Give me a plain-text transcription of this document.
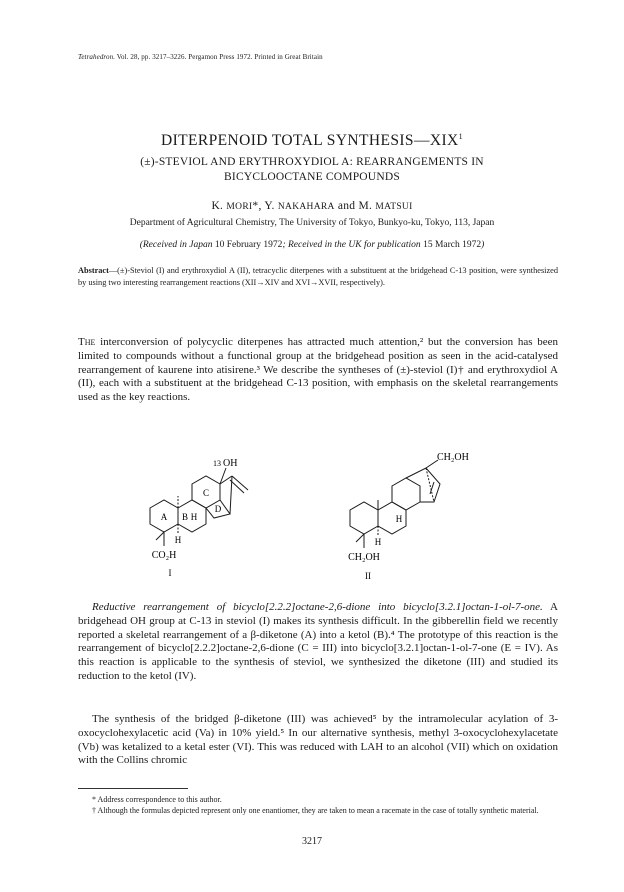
Tetrahedron. Vol. 28, pp. 3217–3226. Pergamon Press 1972. Printed in Great Britain
DITERPENOID TOTAL SYNTHESIS—XIX$^1$
(±)-STEVIOL AND ERYTHROXYDIOL A: REARRANGEMENTS IN
BICYCLOOCTANE COMPOUNDS
K. MORI*, Y. NAKAHARA and M. MATSUI
Department of Agricultural Chemistry, The University of Tokyo, Bunkyo-ku, Tokyo, 113, Japan
(Received in Japan 10 February 1972; Received in the UK for publication 15 March 1972)
Abstract—(±)-Steviol (I) and erythroxydiol A (II), tetracyclic diterpenes with a substituent at the bridgehead C-13 position, were synthesized by using two interesting rearrangement reactions (XII→XIV and XVI→XVII, respectively).
The interconversion of polycyclic diterpenes has attracted much attention,² but the conversion has been limited to compounds without a functional group at the bridgehead position as seen in the acid-catalysed rearrangement of kaurene into atisirene.³ We describe the syntheses of (±)-steviol (I)† and erythroxydiol A (II), each with a substituent at the bridgehead C-13 position, with emphasis on the skeletal rearrangements used as the key reactions.
13 OH
A B H
C
D
H
CO₂H
I
CH₂OH
H
H
CH₂OH
II
Reductive rearrangement of bicyclo[2.2.2]octane-2,6-dione into bicyclo[3.2.1]octan-1-ol-7-one. A bridgehead OH group at C-13 in steviol (I) makes its synthesis difficult. In the gibberellin field we recently reported a skeletal rearrangement of a β-diketone (A) into a ketol (B).⁴ The prototype of this reaction is the rearrangement of bicyclo[2.2.2]octane-2,6-dione (C = III) into bicyclo[3.2.1]octan-1-ol-7-one (E = IV). As this reaction is applicable to the synthesis of steviol, we synthesized the diketone (III) and studied its reduction to the ketol (IV).
The synthesis of the bridged β-diketone (III) was achieved⁵ by the intramolecular acylation of 3-oxocyclohexylacetic acid (Va) in 10% yield.⁵ In our alternative synthesis, methyl 3-oxocyclohexylacetate (Vb) was ketalized to a ketal ester (VI). This was reduced with LAH to an alcohol (VII) which on oxidation with the Collins chromic
* Address correspondence to this author.
† Although the formulas depicted represent only one enantiomer, they are taken to mean a racemate in the case of totally synthetic material.
3217
